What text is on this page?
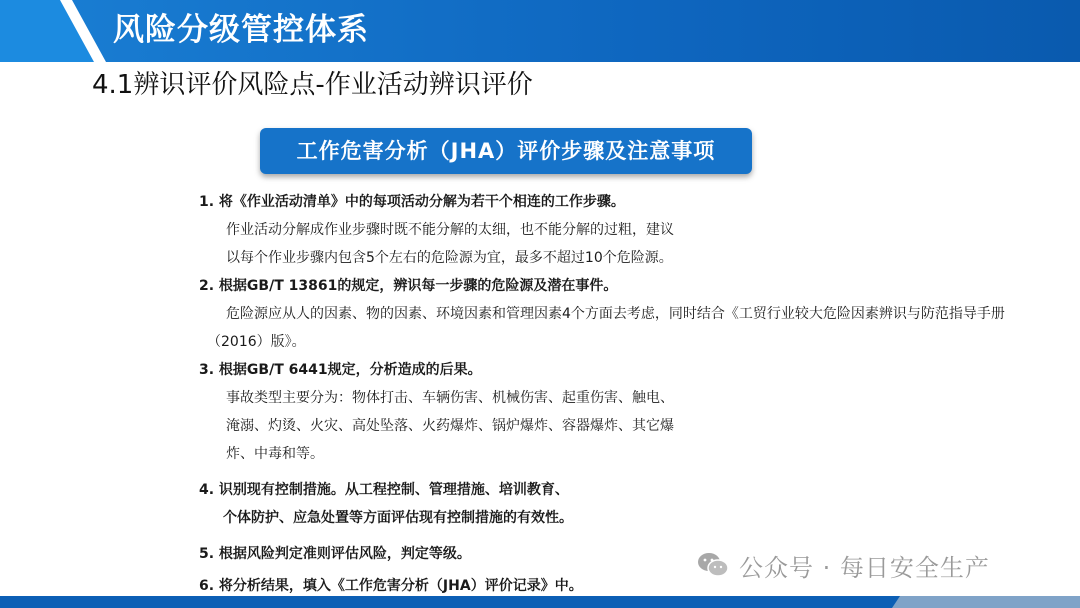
风险分级管控体系
4.1辨识评价风险点-作业活动辨识评价
工作危害分析（JHA）评价步骤及注意事项
1. 将《作业活动清单》中的每项活动分解为若干个相连的工作步骤。
作业活动分解成作业步骤时既不能分解的太细，也不能分解的过粗，建议
以每个作业步骤内包含5个左右的危险源为宜，最多不超过10个危险源。
2. 根据GB/T 13861的规定，辨识每一步骤的危险源及潜在事件。
危险源应从人的因素、物的因素、环境因素和管理因素4个方面去考虑，同时结合《工贸行业较大危险因素辨识与防范指导手册
（2016）版》。
3. 根据GB/T 6441规定，分析造成的后果。
事故类型主要分为：物体打击、车辆伤害、机械伤害、起重伤害、触电、
淹溺、灼烫、火灾、高处坠落、火药爆炸、锅炉爆炸、容器爆炸、其它爆
炸、中毒和等。
4. 识别现有控制措施。从工程控制、管理措施、培训教育、
个体防护、应急处置等方面评估现有控制措施的有效性。
5. 根据风险判定准则评估风险，判定等级。
6. 将分析结果，填入《工作危害分析（JHA）评价记录》中。
公众号 · 每日安全生产
